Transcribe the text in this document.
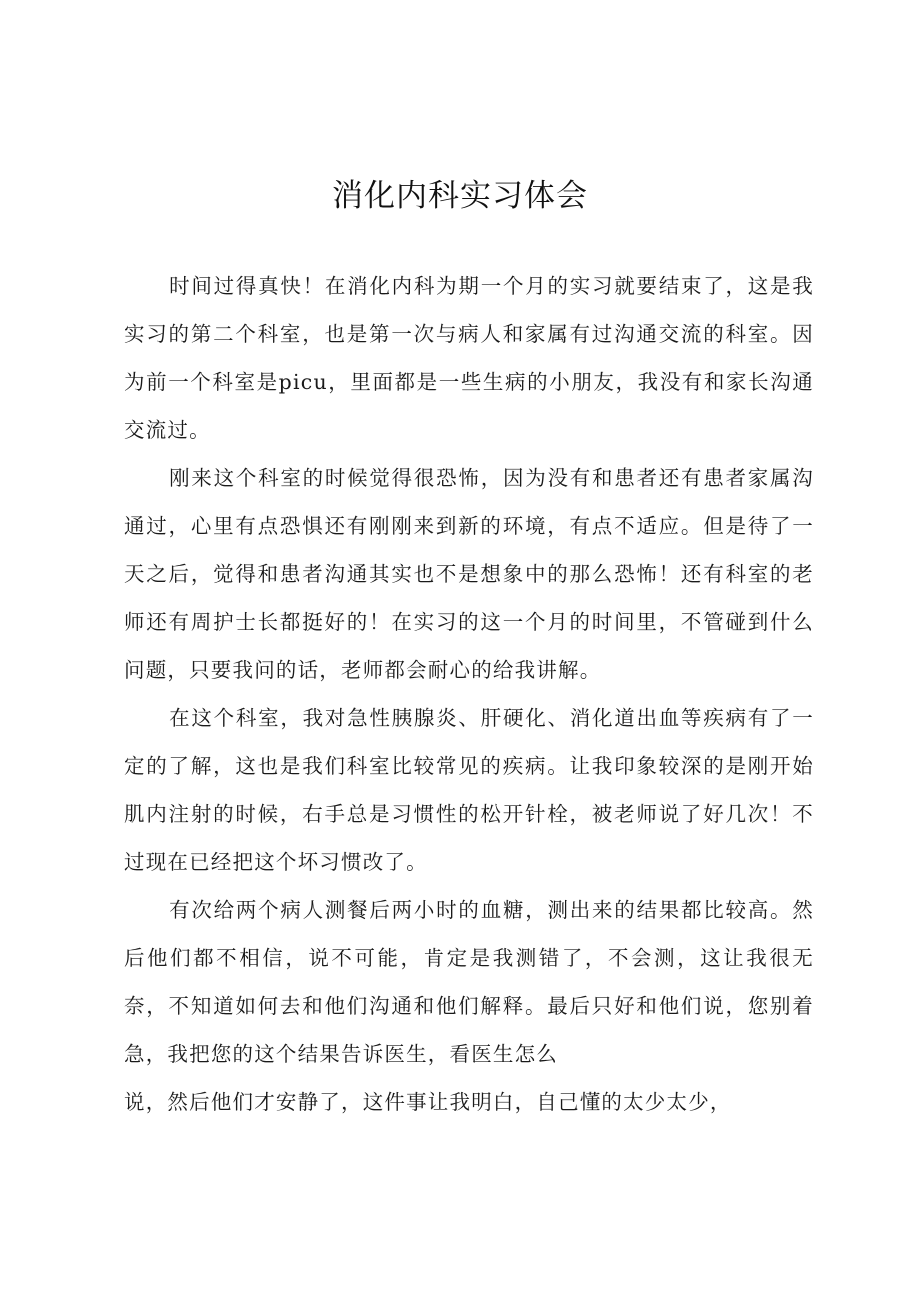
消化内科实习体会

时间过得真快！在消化内科为期一个月的实习就要结束了，这是我实习的第二个科室，也是第一次与病人和家属有过沟通交流的科室。因为前一个科室是picu，里面都是一些生病的小朋友，我没有和家长沟通交流过。

刚来这个科室的时候觉得很恐怖，因为没有和患者还有患者家属沟通过，心里有点恐惧还有刚刚来到新的环境，有点不适应。但是待了一天之后，觉得和患者沟通其实也不是想象中的那么恐怖！还有科室的老师还有周护士长都挺好的！在实习的这一个月的时间里，不管碰到什么问题，只要我问的话，老师都会耐心的给我讲解。

在这个科室，我对急性胰腺炎、肝硬化、消化道出血等疾病有了一定的了解，这也是我们科室比较常见的疾病。让我印象较深的是刚开始肌内注射的时候，右手总是习惯性的松开针栓，被老师说了好几次！不过现在已经把这个坏习惯改了。

有次给两个病人测餐后两小时的血糖，测出来的结果都比较高。然后他们都不相信，说不可能，肯定是我测错了，不会测，这让我很无奈，不知道如何去和他们沟通和他们解释。最后只好和他们说，您别着急，我把您的这个结果告诉医生，看医生怎么

说，然后他们才安静了，这件事让我明白，自己懂的太少太少，
